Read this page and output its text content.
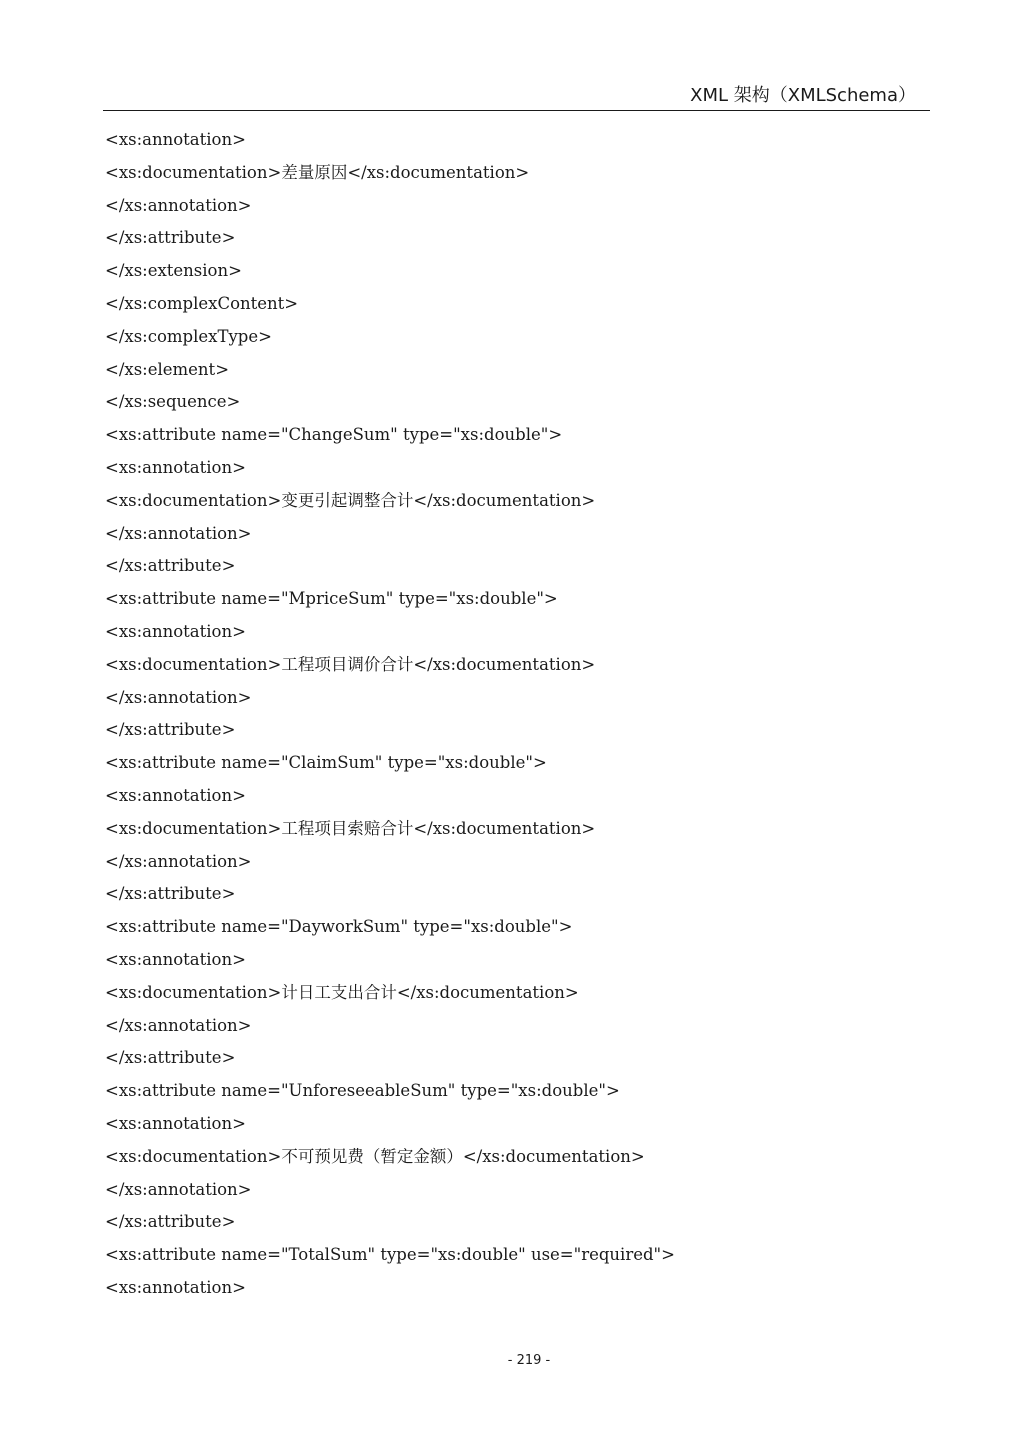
XML 架构（XMLSchema）
<xs:annotation>
<xs:documentation>差量原因</xs:documentation>
</xs:annotation>
</xs:attribute>
</xs:extension>
</xs:complexContent>
</xs:complexType>
</xs:element>
</xs:sequence>
<xs:attribute name="ChangeSum" type="xs:double">
<xs:annotation>
<xs:documentation>变更引起调整合计</xs:documentation>
</xs:annotation>
</xs:attribute>
<xs:attribute name="MpriceSum" type="xs:double">
<xs:annotation>
<xs:documentation>工程项目调价合计</xs:documentation>
</xs:annotation>
</xs:attribute>
<xs:attribute name="ClaimSum" type="xs:double">
<xs:annotation>
<xs:documentation>工程项目索赔合计</xs:documentation>
</xs:annotation>
</xs:attribute>
<xs:attribute name="DayworkSum" type="xs:double">
<xs:annotation>
<xs:documentation>计日工支出合计</xs:documentation>
</xs:annotation>
</xs:attribute>
<xs:attribute name="UnforeseeableSum" type="xs:double">
<xs:annotation>
<xs:documentation>不可预见费（暂定金额）</xs:documentation>
</xs:annotation>
</xs:attribute>
<xs:attribute name="TotalSum" type="xs:double" use="required">
<xs:annotation>
- 219 -
